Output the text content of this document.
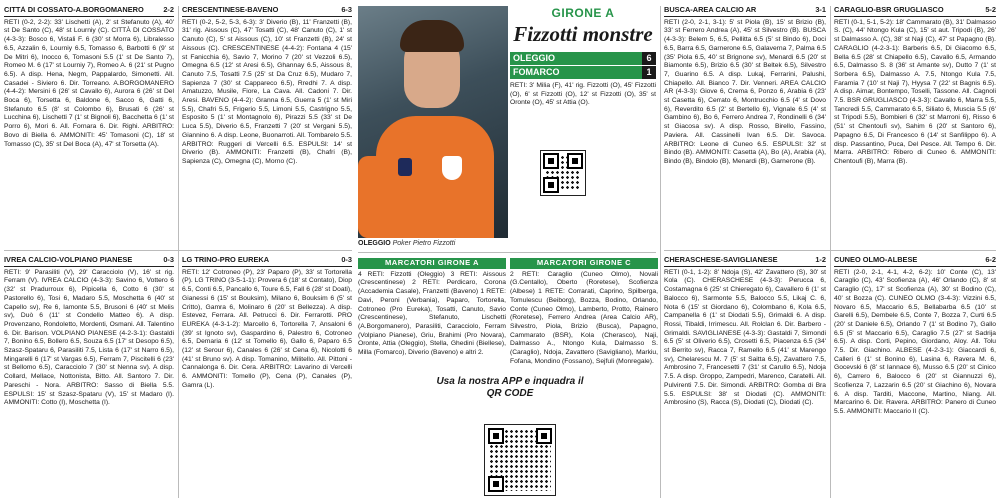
CITTÀ DI COSSATO-A.BORGOMANERO	2-2

RETI (0-2, 2-2): 33' Lischetti (A), 2' st Stefanuto (A), 40' st De Santo (C), 48' st Lourniy (C). CITTÀ DI COSSATO (4-3-3): Bosco 6, Vistali F. 6 (30' st Morra 6), Libralesso 6.5, Azzalin 6, Lourniy 6.5, Tomasso 6, Barbotti 6 (9' st De Mitri 6), Inocco 6, Tomasoni 5.5 (1' st De Santo 7), Romeo M. 6 (17' st Lourniy 7), Romeo A. 6 (21' st Pugno 6.5). A disp. Hena, Negm, Pappalardo, Simonetti. All. Casadei - Siviero 6. Dir. Torreano. A.BORGOMANERO (4-4-2): Mersini 6 (26' st Cavallo 6), Aurora 6 (26' st Del Boca 6), Torsetta 6, Baldone 6, Sacco 6, Gatti 6, Stefanuto 6.5 (8' st Colombo 6), Brusati 6 (26' st Lucchina 6), Lischetti 7 (1' st Bignoli 6), Bacchetta 6 (1' st Porro 6), Mori 6. All. Fornara 6. Dir. Righi. ARBITRO: Bovo di Biella 6. AMMONITI: 45' Tomasoni (C), 18' st Tomasso (C), 35' st Del Boca (A), 47' st Torsetta (A).

IVREA CALCIO-VOLPIANO PIANESE	0-3

RETI: 9' Parasiliti (V), 29' Caracciolo (V), 16' st rig. Ferram (V). IVREA CALCIO (4-3-3): Savino 6, Vottero 6 (32' st Pradurroux 6), Pipicella 6, Cotto 6 (30' st Pastorello 6), Tosi 6, Madaro 5.5, Moschetta 6 (40' st Capello sv), Re 6, Iamonte 5.5, Brusoni 6 (40' st Melis sv), Duò 6 (11' st Condello Matteo 6). A disp. Provenzano, Rondoletto, Mordenti, Osmani. All. Talentino 6. Dir. Barison. VOLPIANO PIANESE (4-2-3-1): Gastaldi 7, Bonino 6.5, Bollero 6.5, Souza 6.5 (17' st Desopo 6.5), Szasz-Spataru 6, Parasiliti 7.5, Lista 6 (17' st Narro 6.5), Mingarelli 6 (17' st Vargas 6.5), Ferram 7, Piscitelli 6 (23' st Bellomo 6.5), Caracciolo 7 (30' st Nenna sv). A disp. Collard, Mellace, Nottonista, Bitto. All. Santoro 7. Dir. Pareschi - Nora. ARBITRO: Sasso di Biella 5.5. ESPULSI: 15' st Szasz-Spataru (V), 15' st Madaro (I). AMMONITI: Cotto (I), Moschetta (I).

CRESCENTINESE-BAVENO	6-3

RETI (0-2, 5-2, 5-3, 6-3): 3' Diverio (B), 11' Franzetti (B), 31' rig. Aissous (C), 47' Tosatti (C), 48' Canuto (C), 1' st Canuto (C), 5' st Aissous (C), 10' st Franzetti (B), 24' st Aissous (C). CRESCENTINESE (4-4-2): Fontana 4 (15' st Fanicchia 6), Savio 7, Morino 7 (20' st Vezzoli 6.5), Omegna 6.5 (12' st Aresi 6.5), Ghannay 6.5, Aissous 8, Canuto 7.5, Tosatti 7.5 (25' st Da Cruz 6.5), Mudaro 7, Sapienza 7 (30' st Cappareco 6.5), Rredhi 7. A disp. Amatuzzo, Musile, Fiore, La Cava. All. Cadoni 7. Dir. Aresi. BAVENO (4-4-2): Granna 6.5, Guerra 5 (1' st Miri 5.5), Chafri 5.5, Frigerio 5.5, Limoni 5.5, Castrigno 5.5, Esposito 5 (1' st Montagnolo 6), Pirazzi 5.5 (33' st De Luca 5.5), Diverio 6.5, Franzetti 7 (20' st Vergani 5.5), Giannino 6. A disp. Leone, Buonarroti. All. Tombarelo 5.5. ARBITRO: Ruggeri di Vercelli 6.5. ESPULSI: 14' st Diverio (B). AMMONITI: Franzetti (B), Chafri (B), Sapienza (C), Omegna (C), Morno (C).

LG TRINO-PRO EUREKA	0-3

RETI: 12' Cotroneo (P), 23' Paparo (P), 33' st Tortorella (P). LG TRINO (3-5-1-1): Provera 6 (18' st Contato), Diop 6.5, Conti 6.5, Pancallo 6, Toure 6.5, Fall 6 (28' st Doati), Gianessi 6 (15' st Bouksim), Milano 6, Bouksim 6 (5' st Critto), Gamra 6, Molinaro 6 (20' st Bellezza). A disp. Estevez, Ferrara. All. Petrucci 6. Dir. Ferrarotti. PRO EUREKA (4-3-1-2): Marcello 6, Tortorella 7, Ansaloni 6 (39' st Ignoto sv), Gaspardino 6, Palestro 6, Cotroneo 6.5, Demaria 6 (12' st Tomello 6), Gallo 6, Paparo 6.5 (12' st Serour 6), Canales 6 (26' st Cena 6), Nicolotti 6 (41' st Bruno sv). A disp. Tomanino, Militello. All. Pittoni - Cannalonga 6. Dir. Cera. ARBITRO: Lavarino di Vercelli 6. AMMONITI: Tomello (P), Cena (P), Canales (P), Gamra (L).

OLEGGIO Poker Pietro Fizzotti
GIRONE A
Fizzotti monstre
OLEGGIO	6
FOMARCO	1
RETI: 3' Milia (F), 41' rig. Fizzotti (O), 45' Fizzotti (O), 6' st Fizzotti (O), 12' st Fizzotti (O), 35' st Oronte (O), 45' st Attia (O).
MARCATORI GIRONE A
4 RETI: Fizzotti (Oleggio) 3 RETI: Aissous (Crescentinese) 2 RETI: Perdicaro, Corona (Accademia Casale), Franzetti (Baveno) 1 RETE: Davi, Peroni (Verbania), Paparo, Tortorella, Cotroneo (Pro Eureka), Tosatti, Canuto, Savio (Crescentinese), Stefanuto, Lischetti (A.Borgomanero), Parasiliti, Caracciolo, Ferram (Volpiano Pianese), Griu, Brahimi (Pro Novara), Oronte, Attia (Oleggio), Stella, Ghedini (Biellese), Milla (Fomarco), Diverio (Baveno) e altri 2.
MARCATORI GIRONE C
2 RETI: Caraglio (Cuneo Olmo), Novali (G.Centallo), Oberto (Roretese), Scofienza (Albese) 1 RETE: Corrarati, Caprino, Spilberga, Tomulescu (Beiborg), Bozza, Bodino, Orlando, Conte (Cuneo Olmo), Lamberto, Protto, Rainero (Roretese), Ferrero Andrea (Area Calcio AR), Silvestro, Piola, Brizio (Busca), Papagno, Cammarato (BSR), Kola (Cherasco), Naji, Dalmasso A., Ntongo Kula, Dalmasso S. (Caraglio), Ndoja, Zavattero (Savigliano), Markiu, Fofana, Mondino (Fossano), Sejfuli (Monregale).
Usa la nostra APP e inquadra il QR CODE
BUSCA-AREA CALCIO AR	3-1

RETI (2-0, 2-1, 3-1): 5' st Piola (B), 15' st Brizio (B), 33' st Ferrero Andrea (A), 45' st Silvestro (B). BUSCA (4-3-3): Belem 5, 6.5, Pellitta 6.5 (5' st Bindo 6), Doci 6.5, Barra 6.5, Garnerone 6.5, Galaverna 7, Palma 6.5 (35' Piola 6.5, 40' st Brignone sv), Menardi 6.5 (20' st Biamonte 6.5), Brizio 6.5 (30' st Beltek 6.5), Silvestro 7, Guarino 6.5. A disp. Lukaj, Ferrarini, Palushi, Chiapello. All. Bianco 7. Dir. Venneri. AREA CALCIO AR (4-3-3): Giove 6, Crema 6, Ponzo 6, Arabia 6 (23' st Casetta 6), Cerrato 6, Montrucchio 6.5 (4' st Dovo 6), Reverdito 6.5 (2' st Bertello 6), Vignale 6.5 (4' st Gambino 6), Bo 6, Ferrero Andrea 7, Rondinelli 6 (34' st Giacosa sv). A disp. Rosso, Birello, Fassino, Paviera. All. Cassinelli Ivan 6.5. Dir. Savoca. ARBITRO: Leone di Cuneo 6.5. ESPULSI: 32' st Bindo (B). AMMONITI: Casetta (A), Bo (A), Arabia (A), Bindo (B), Bindolo (B), Menardi (B), Garnerone (B).

CHERASCHESE-SAVIGLIANESE	1-2

RETI (0-1, 1-2): 8' Ndoja (S), 42' Zavattero (S), 30' st Kola (C). CHERASCHESE (4-3-3): Perucca 6, Costamagna 6 (25' st Chieregato 6), Cavallero 6 (1' st Balocco 6), Sarmonte 5.5, Balocco 5.5, Likaj C. 6, Nota 6 (15' st Giordano 6), Colombano 6, Kola 6.5, Campanella 6 (1' st Diodati 5.5), Grimaldi 6. A disp. Rossi, Tibaldi, Irrimescu. All. Rolclan 6. Dir. Barbero - Grimaldi. SAVIGLIANESE (4-3-3): Gastaldi 7, Simondi 6.5 (5' st Oliverio 6.5), Crosetti 6.5, Piacenza 6.5 (34' st Berrito sv), Racca 7, Ramello 6.5 (41' st Marengo sv), Chelarescu M. 7 (5' st Saitta 6.5), Zavattero 7.5, Ambrosino 7, Francesetti 7 (31' st Carullo 6.5), Ndoja 7.5. A disp. Groppo, Zampedri, Marenco, Caratelli. All. Pulvirenti 7.5. Dir. Simondi. ARBITRO: Gomba di Bra 5.5. ESPULSI: 38' st Diodati (C). AMMONITI: Ambrosino (S), Racca (S), Diodati (C), Diodati (C).

CARAGLIO-BSR GRUGLIASCO	5-2

RETI (0-1, 5-1, 5-2): 18' Cammarato (B), 31' Dalmasso S. (C), 44' Ntongo Kula (C), 15' st aut. Tripodi (B), 26' st Dalmasso A. (C), 38' st Naji (C), 47' st Papagno (B). CARAGLIO (4-2-3-1): Barberis 6.5, Di Giacomo 6.5, Bella 6.5 (28' st Chiapello 6.5), Cavallo 6.5, Armando 6.5, Dalmasso S. 8 (36' st Amante sv), Dutto 7 (1' st Sorbera 6.5), Dalmasso A. 7.5, Ntongo Kula 7.5, Faramia 7 (10' st Naji 7), Hyysa 7 (22' st Bagnis 6.5). A disp. Aimar, Bontempo, Toselli, Tassone. All. Cagnoli 7.5. BSR GRUGLIASCO (4-3-3): Cavallo 6, Marra 5.5, Tancredi 5.5, Cammarato 6.5, Siliato 6, Muscia 5.5 (6' st Tripodi 5.5), Bombieri 6 (32' st Marroni 6), Risso 6 (51' st Chentoufi sv), Sahim 6 (20' st Santoro 6), Papagno 6.5, Di Francesco 6 (14' st Sanfilippo 6). A disp. Passantino, Puca, Del Pesce. All. Tempo 6. Dir. Marra. ARBITRO: Ribero di Cuneo 6. AMMONITI: Chentoufi (B), Marra (B).

CUNEO OLMO-ALBESE	6-2

RETI (2-0, 2-1, 4-1, 4-2, 6-2): 10' Conte (C), 13' Caraglio (C), 43' Scofienza (A), 46' Orlando (C), 8' st Caraglio (C), 17' st Scofienza (A), 30' st Bodino (C), 40' st Bozza (C). CUNEO OLMO (3-4-3): Vizzini 6.5, Novaro 6.5, Maccario 6.5, Bellabarba 6.5 (10' st Garelli 6.5), Dembele 6.5, Conte 7, Bozza 7, Curti 6.5 (20' st Daniele 6.5), Orlando 7 (1' st Bodino 7), Gallo 6.5 (5' st Maccario 6.5), Caraglio 7.5 (27' st Sadrija 6.5). A disp. Corti, Pepino, Giordano, Aloy. All. Tolu 7.5. Dir. Giachino. ALBESE (4-2-3-1): Giaccardi 6, Calleri 6 (1' st Bonino 6), Lasina 6, Ravera M. 6, Gocevski 6 (8' st Iannace 6), Musso 6.5 (20' st Cinico 6), Carrero 6, Balocco 6 (20' st Giannuzzi 6), Scofienza 7, Lazzarin 6.5 (20' st Giachino 6), Novara 6. A disp. Tarditi, Maccone, Martino, Niang. All. Marcarino 6. Dir. Ravera. ARBITRO: Panero di Cuneo 5.5. AMMONITI: Maccario II (C).
